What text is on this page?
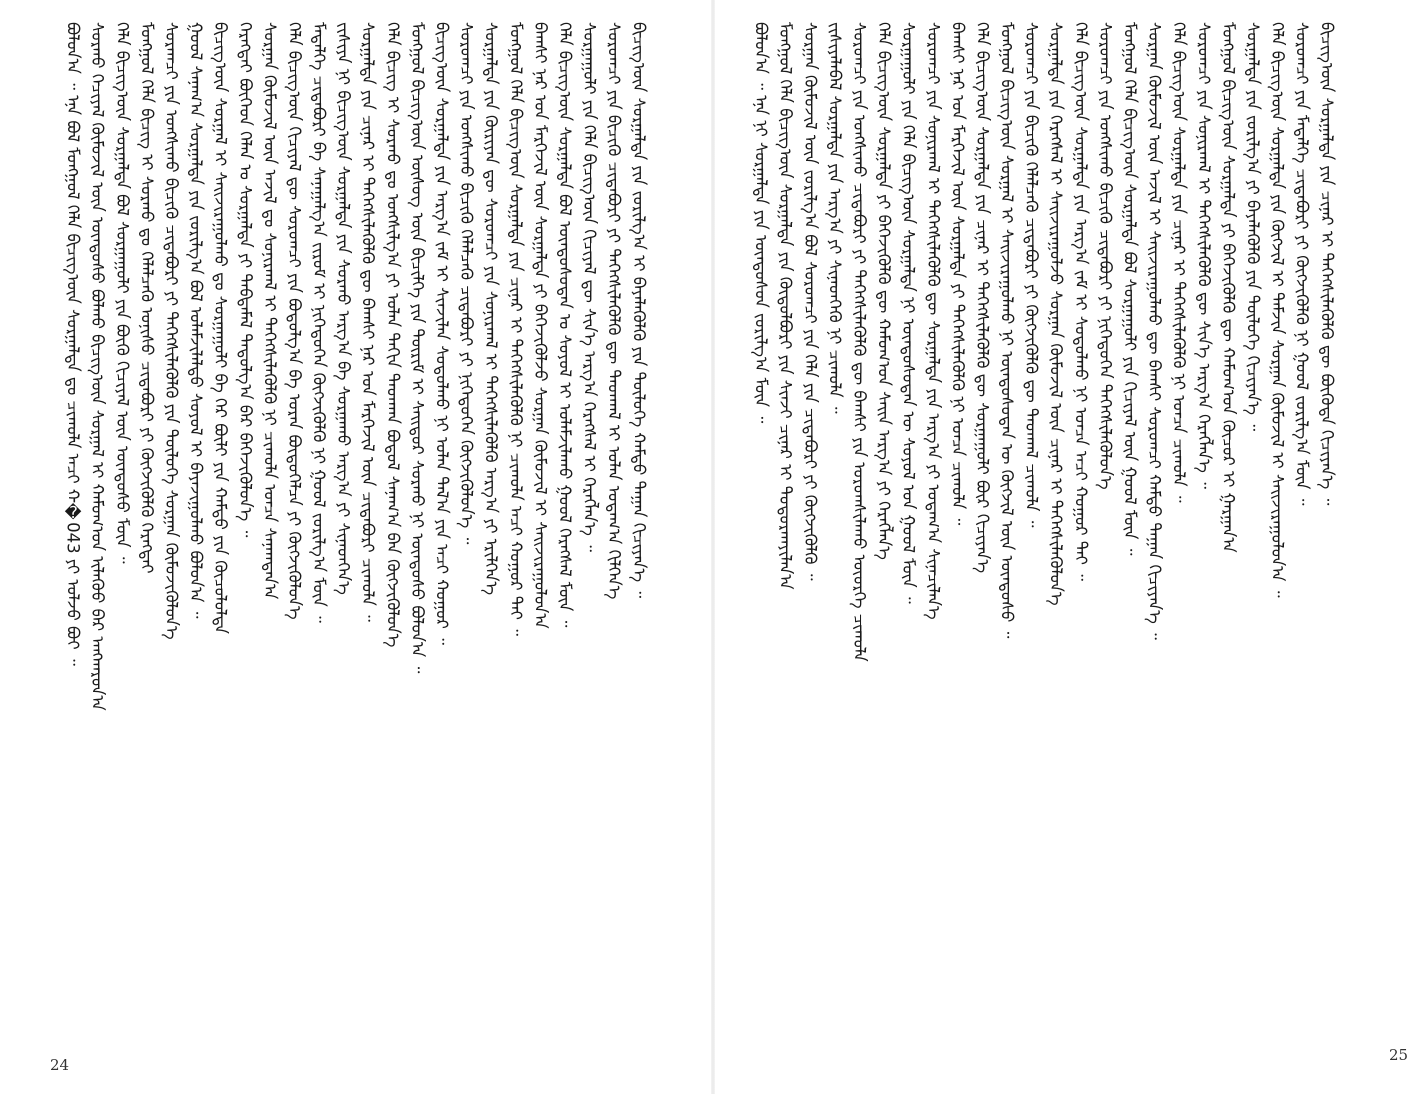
ᠪᠣᠯᠤᠨ᠎ᠠ ᠃ ᠡᠨᠡ ᠪᠣᠯ ᠮᠣᠩᠭᠣᠯ ᠬᠡᠯᠡ ᠪᠢᠴᠢᠭ᠎ᠦᠨ ᠰᠤᠷᠭᠠᠯᠲᠠ ᠳᠤ ᠴᠢᠬᠤᠯᠠ ᠠᠴᠢ ᠬ�043 ᠶᠢ ᠣᠯᠵᠤ ᠪᠤᠢ ᠃ ᠰᠤᠷᠬᠤ ᠬᠡᠴᠢᠶᠡᠯ ᠬᠦᠮᠦᠵᠢᠯ ᠦᠨ ᠦᠨᠳᠦᠰᠦ ᠪᠣᠯᠬᠤ ᠪᠢᠴᠢᠭ᠎ᠦᠨ ᠰᠤᠷᠭᠠᠯ ᠢ ᠬᠠᠮᠤᠭ᠎ᠤᠨ ᠢᠯᠡᠭᠦᠦ ᠪᠠᠷ ᠠᠩᠬᠠᠷᠤᠨ᠎ᠠ ᠬᠡᠯᠡ ᠪᠢᠴᠢᠭ᠎ᠦᠨ ᠰᠤᠷᠭᠠᠯᠲᠠ ᠪᠣᠯ ᠰᠤᠷᠭᠠᠭᠤᠯᠢ ᠶᠢᠨ ᠪᠦᠬᠦ ᠬᠢᠴᠢᠶᠡᠯ ᠦᠨ ᠦᠨᠳᠦᠰᠦ ᠮᠥᠨ ᠃ ᠮᠣᠩᠭᠣᠯ ᠬᠡᠯᠡ ᠪᠢᠴᠢᠭ ᠢ ᠰᠤᠷᠬᠤ ᠳᠤ ᠬᠡᠯᠡᠯᠴᠡᠬᠦ ᠣᠨᠢᠰᠤ ᠴᠢᠳᠠᠪᠤᠷᠢ ᠶᠢ ᠬᠥᠭᠵᠢᠭᠦᠯᠬᠦ ᠬᠡᠷᠡᠭᠲᠡᠢ ᠰᠤᠷᠠᠭᠴᠢ ᠶᠢᠨ ᠤᠩᠰᠢᠬᠤ ᠪᠢᠴᠢᠬᠦ ᠴᠢᠳᠠᠪᠤᠷᠢ ᠶᠢ ᠳᠡᠭᠡᠭᠰᠢᠯᠡᠭᠦᠯᠬᠦ ᠶᠢᠨ ᠲᠥᠯᠥᠭᠡ ᠰᠤᠷᠭᠠᠨ ᠬᠦᠮᠦᠵᠢᠭᠦᠯᠦᠨ᠎ᠡ ᠭᠣᠣᠯ ᠰᠠᠨᠠᠭ᠎ᠠ ᠰᠤᠷᠭᠠᠯᠲᠠ ᠶᠢᠨ ᠵᠣᠷᠢᠯᠭ᠎ᠠ ᠪᠣᠯ ᠤᠯᠠᠮᠵᠢᠯᠠᠯᠲᠤ ᠰᠣᠶᠣᠯ ᠢ ᠪᠠᠶᠠᠵᠢᠭᠤᠯᠬᠤ ᠪᠣᠯᠤᠨ᠎ᠠ ᠃ ᠪᠢᠴᠢᠭ᠎ᠦᠨ ᠰᠤᠷᠭᠠᠯ ᠢ ᠰᠠᠢᠵᠢᠷᠠᠭᠤᠯᠬᠤ ᠳᠤ ᠰᠤᠷᠭᠠᠭᠤᠯᠢ ᠪᠠ ᠭᠡᠷ ᠪᠦᠯᠢ ᠶᠢᠨ ᠬᠠᠮᠲᠤ ᠶᠢᠨ ᠬᠦᠴᠦᠯᠦᠯᠲᠡ ᠬᠡᠷᠡᠭᠲᠡᠢ ᠪᠥᠭᠡᠳ ᠬᠡᠯᠡᠨ ᠤ ᠰᠤᠷᠭᠠᠯᠲᠠ ᠶᠢ ᠳᠠᠪᠲᠠᠮᠠᠯ ᠳᠠᠳᠤᠯᠭ᠎ᠠ ᠪᠠᠷ ᠪᠡᠬᠡᠵᠢᠭᠦᠯᠦᠨ᠎ᠡ ᠃ ᠰᠤᠷᠭᠠᠨ ᠬᠦᠮᠦᠵᠢᠯ ᠦᠨ ᠠᠵᠢᠯ ᠳᠤ ᠰᠣᠨᠢᠷᠬᠠᠯ ᠢ ᠳᠡᠭᠡᠭᠰᠢᠯᠡᠭᠦᠯᠬᠦ ᠨᠢ ᠴᠢᠬᠤᠯᠠ ᠣᠨᠴᠠ ᠰᠠᠨᠠᠭᠳᠠᠨ᠎ᠠ ᠬᠡᠯᠡ ᠪᠢᠴᠢᠭ᠎ᠦᠨ ᠬᠢᠴᠢᠶᠡᠯ ᠳᠦ ᠰᠤᠷᠤᠭᠴᠢ ᠶᠢᠨ ᠪᠣᠳᠤᠯᠭ᠎ᠠ ᠪᠠ ᠤᠷᠠᠨ ᠪᠦᠲᠦᠭᠡᠯᠴᠡ ᠶᠢ ᠬᠥᠭᠵᠢᠭᠦᠯᠦᠨ᠎ᠡ ᠮᠡᠳᠡᠯᠭᠡ ᠴᠢᠳᠠᠪᠤᠷᠢ ᠪᠠ ᠰᠠᠨᠠᠭᠠᠯᠭ᠎ᠠ ᠵᠢᠷᠤᠮ ᠢ ᠨᠢᠭᠡᠳᠦᠭᠡᠨ ᠬᠥᠭᠵᠢᠭᠦᠯᠬᠦ ᠨᠢ ᠭᠣᠣᠯ ᠵᠣᠷᠢᠯᠭ᠎ᠠ ᠮᠥᠨ ᠃ ᠵᠢᠱᠢᠶᠡ ᠨᠢ ᠪᠢᠴᠢᠭ᠎ᠦᠨ ᠰᠤᠷᠭᠠᠯᠲᠠ ᠶᠢᠨ ᠰᠤᠷᠬᠤ ᠠᠷᠭ᠎ᠠ ᠪᠠ ᠰᠤᠷᠭᠠᠬᠤ ᠠᠷᠭ᠎ᠠ ᠶᠢ ᠰᠢᠨᠡᠳᠬᠡᠨ᠎ᠡ ᠰᠤᠷᠭᠠᠯᠲᠠ ᠶᠢᠨ ᠴᠢᠨᠠᠷ ᠢ ᠳᠡᠭᠡᠭᠰᠢᠯᠡᠭᠦᠯᠬᠦ ᠳᠦ ᠪᠠᠭᠰᠢ ᠨᠠᠷ ᠤᠨ ᠮᠡᠷᠭᠡᠵᠢᠯ ᠦᠨ ᠴᠢᠳᠠᠪᠤᠷᠢ ᠴᠢᠬᠤᠯᠠ ᠃ ᠬᠡᠯᠡ ᠪᠢᠴᠢᠭ ᠢ ᠰᠤᠷᠬᠤ ᠳᠤ ᠤᠩᠰᠢᠯᠭ᠎ᠠ ᠶᠢ ᠣᠯᠠᠨ ᠳᠠᠬᠢᠨ ᠳᠠᠳᠬᠠᠨ ᠪᠣᠳᠤᠯ ᠰᠠᠨᠠᠭ᠎ᠠ ᠪᠠᠨ ᠬᠥᠭᠵᠢᠭᠦᠯᠦᠨ᠎ᠡ ᠮᠣᠩᠭᠣᠯ ᠪᠢᠴᠢᠭ᠎ᠦᠨ ᠦᠰᠦᠭ ᠦᠨ ᠪᠢᠴᠢᠯᠭᠡ ᠶᠢᠨ ᠳᠦᠷᠢᠮ ᠢ ᠰᠠᠢᠳᠤᠷ ᠰᠤᠷᠬᠤ ᠨᠢ ᠦᠨᠳᠦᠰᠦ ᠪᠣᠯᠤᠨ᠎ᠠ ᠃ ᠪᠢᠴᠢᠭ᠎ᠦᠨ ᠰᠤᠷᠭᠠᠯᠲᠠ ᠶᠢᠨ ᠠᠷᠭ᠎ᠠ ᠵᠠᠮ ᠢ ᠰᠢᠨᠵᠢᠯᠡᠨ ᠰᠤᠳᠤᠯᠬᠤ ᠨᠢ ᠣᠯᠠᠨ ᠲᠠᠯ᠎ᠠ ᠶᠢᠨ ᠠᠴᠢ ᠬᠤᠭᠤᠷ ᠃ ᠰᠤᠷᠤᠭᠴᠢ ᠶᠢᠨ ᠤᠩᠰᠢᠬᠤ ᠪᠢᠴᠢᠬᠦ ᠬᠡᠯᠡᠯᠴᠡᠬᠦ ᠴᠢᠳᠠᠪᠤᠷᠢ ᠶᠢ ᠨᠢᠭᠡᠳᠦᠭᠡᠨ ᠬᠥᠭᠵᠢᠭᠦᠯᠦᠨ᠎ᠡ ᠃ ᠰᠤᠷᠭᠠᠯᠲᠠ ᠶᠢᠨ ᠬᠦᠷᠢᠶᠡᠨ ᠳᠦ ᠰᠤᠷᠤᠭᠴᠢ ᠶᠢᠨ ᠰᠣᠨᠢᠷᠬᠠᠯ ᠢ ᠳᠡᠭᠡᠭᠰᠢᠯᠡᠭᠦᠯᠬᠦ ᠠᠷᠭ᠎ᠠ ᠶᠢ ᠡᠷᠢᠯᠬᠡᠨ᠎ᠡ ᠮᠣᠩᠭᠣᠯ ᠬᠡᠯᠡ ᠪᠢᠴᠢᠭ᠎ᠦᠨ ᠰᠤᠷᠭᠠᠯᠲᠠ ᠶᠢᠨ ᠴᠢᠨᠠᠷ ᠢ ᠳᠡᠭᠡᠭᠰᠢᠯᠡᠭᠦᠯᠬᠦ ᠨᠢ ᠴᠢᠬᠤᠯᠠ ᠠᠴᠢ ᠬᠤᠭᠤᠷ ᠲᠠᠢ ᠃ ᠪᠠᠭᠰᠢ ᠨᠠᠷ ᠤᠨ ᠮᠡᠷᠭᠡᠵᠢᠯ ᠦᠨ ᠰᠤᠷᠭᠠᠯᠲᠠ ᠶᠢ ᠪᠡᠬᠡᠵᠢᠭᠦᠯᠵᠦ ᠰᠤᠷᠭᠠᠨ ᠬᠦᠮᠦᠵᠢᠯ ᠢ ᠰᠠᠢᠵᠢᠷᠠᠭᠤᠯᠤᠨ᠎ᠠ ᠬᠡᠯᠡ ᠪᠢᠴᠢᠭ᠎ᠦᠨ ᠰᠤᠷᠭᠠᠯᠲᠠ ᠪᠣᠯ ᠦᠨᠳᠦᠰᠦᠲᠡᠨ ᠤ ᠰᠣᠶᠣᠯ ᠢ ᠤᠯᠠᠮᠵᠢᠯᠠᠬᠤ ᠭᠣᠣᠯ ᠬᠡᠷᠡᠭᠰᠡᠯ ᠮᠥᠨ ᠃ ᠰᠤᠷᠭᠠᠭᠤᠯᠢ ᠶᠢᠨ ᠬᠡᠯᠡ ᠪᠢᠴᠢᠭ᠎ᠦᠨ ᠬᠢᠴᠢᠶᠡᠯ ᠳᠦ ᠰᠢᠨ᠎ᠡ ᠠᠷᠭ᠎ᠠ ᠬᠡᠷᠡᠭᠰᠡᠯ ᠢ ᠬᠡᠷᠡᠭᠯᠡᠨ᠎ᠡ ᠃ ᠰᠤᠷᠤᠭᠴᠢ ᠶᠢᠨ ᠪᠢᠴᠢᠬᠦ ᠴᠢᠳᠠᠪᠤᠷᠢ ᠶᠢ ᠳᠡᠭᠡᠭᠰᠢᠯᠡᠭᠦᠯᠬᠦ ᠳᠦ ᠳᠠᠳᠬᠠᠯ ᠢ ᠣᠯᠠᠨ ᠤᠳᠠᠭ᠎ᠠ ᠬᠢᠯᠭᠡᠨ᠎ᠡ ᠪᠢᠴᠢᠭ᠎ᠦᠨ ᠰᠤᠷᠭᠠᠯᠲᠠ ᠶᠢᠨ ᠵᠣᠷᠢᠯᠭ᠎ᠠ ᠢ ᠪᠡᠶᠡᠯᠡᠭᠦᠯᠬᠦ ᠶᠢᠨ ᠲᠥᠯᠥᠭᠡ ᠬᠠᠮᠲᠤ ᠳᠠᠭᠠᠨ ᠬᠢᠴᠢᠶᠡᠨ᠎ᠡ ᠃
24
ᠪᠣᠯᠤᠨ᠎ᠠ ᠃ ᠡᠨᠡ ᠨᠢ ᠰᠤᠷᠭᠠᠯᠲᠠ ᠶᠢᠨ ᠦᠨᠳᠦᠰᠦᠨ ᠵᠣᠷᠢᠯᠭ᠎ᠠ ᠮᠥᠨ ᠃ ᠮᠣᠩᠭᠣᠯ ᠬᠡᠯᠡ ᠪᠢᠴᠢᠭ᠎ᠦᠨ ᠰᠤᠷᠭᠠᠯᠲᠠ ᠶᠢᠨ ᠬᠥᠲᠥᠯᠪᠦᠷᠢ ᠶᠢᠨ ᠰᠢᠨᠵᠢ ᠴᠢᠨᠠᠷ ᠢ ᠲᠣᠳᠤᠷᠬᠠᠶᠢᠯᠠᠨ᠎ᠠ ᠰᠤᠷᠭᠠᠨ ᠬᠦᠮᠦᠵᠢᠯ ᠦᠨ ᠵᠣᠷᠢᠯᠭ᠎ᠠ ᠪᠣᠯ ᠰᠤᠷᠤᠭᠴᠢ ᠶᠢᠨ ᠬᠡᠯᠡ ᠶᠢᠨ ᠴᠢᠳᠠᠪᠤᠷᠢ ᠶᠢ ᠬᠥᠭᠵᠢᠭᠦᠯᠬᠦ ᠃ ᠵᠢᠱᠢᠶᠡᠯᠡᠪᠡᠯ ᠰᠤᠷᠭᠠᠯᠲᠠ ᠶᠢᠨ ᠠᠷᠭ᠎ᠠ ᠶᠢ ᠰᠢᠨᠡᠳᠬᠡᠬᠦ ᠨᠢ ᠴᠢᠬᠤᠯᠠ ᠃ ᠰᠤᠷᠤᠭᠴᠢ ᠶᠢᠨ ᠤᠩᠰᠢᠬᠤ ᠴᠢᠳᠠᠪᠤᠷᠢ ᠶᠢ ᠳᠡᠭᠡᠭᠰᠢᠯᠡᠭᠦᠯᠬᠦ ᠳᠦ ᠪᠠᠭᠰᠢ ᠶᠢᠨ ᠤᠷᠤᠭᠰᠢᠯᠠᠬᠤ ᠦᠦᠷᠭᠡ ᠴᠢᠬᠤᠯᠠ ᠬᠡᠯᠡ ᠪᠢᠴᠢᠭ᠎ᠦᠨ ᠰᠤᠷᠭᠠᠯᠲᠠ ᠶᠢ ᠪᠡᠬᠡᠵᠢᠭᠦᠯᠬᠦ ᠳᠦ ᠬᠠᠮᠤᠭ᠎ᠤᠨ ᠰᠠᠢᠨ ᠠᠷᠭ᠎ᠠ ᠶᠢ ᠬᠡᠷᠡᠭᠯᠡᠨ᠎ᠡ ᠰᠤᠷᠭᠠᠭᠤᠯᠢ ᠶᠢᠨ ᠬᠡᠯᠡ ᠪᠢᠴᠢᠭ᠎ᠦᠨ ᠰᠤᠷᠭᠠᠯᠲᠠ ᠨᠢ ᠦᠨᠳᠦᠰᠦᠲᠡᠨ ᠦ ᠰᠣᠶᠣᠯ ᠤᠨ ᠭᠣᠣᠯ ᠮᠥᠨ ᠃ ᠰᠤᠷᠤᠭᠴᠢ ᠶᠢᠨ ᠰᠣᠨᠢᠷᠬᠠᠯ ᠢ ᠳᠡᠭᠡᠭᠰᠢᠯᠡᠭᠦᠯᠬᠦ ᠳᠦ ᠰᠤᠷᠭᠠᠯᠲᠠ ᠶᠢᠨ ᠠᠷᠭ᠎ᠠ ᠶᠢ ᠤᠳᠠᠭ᠎ᠠ ᠰᠢᠨᠡᠴᠢᠯᠡᠨ᠎ᠡ ᠪᠠᠭᠰᠢ ᠨᠠᠷ ᠤᠨ ᠮᠡᠷᠭᠡᠵᠢᠯ ᠦᠨ ᠰᠤᠷᠭᠠᠯᠲᠠ ᠶᠢ ᠳᠡᠭᠡᠭᠰᠢᠯᠡᠭᠦᠯᠬᠦ ᠨᠢ ᠣᠨᠴᠠ ᠴᠢᠬᠤᠯᠠ ᠃ ᠬᠡᠯᠡ ᠪᠢᠴᠢᠭ᠎ᠦᠨ ᠰᠤᠷᠭᠠᠯᠲᠠ ᠶᠢᠨ ᠴᠢᠨᠠᠷ ᠢ ᠳᠡᠭᠡᠭᠰᠢᠯᠡᠭᠦᠯᠬᠦ ᠳᠦ ᠰᠤᠷᠭᠠᠭᠤᠯᠢ ᠪᠦᠷ ᠬᠢᠴᠢᠶᠡᠨ᠎ᠡ ᠮᠣᠩᠭᠣᠯ ᠪᠢᠴᠢᠭ᠎ᠦᠨ ᠰᠤᠷᠭᠠᠯ ᠢ ᠰᠠᠢᠵᠢᠷᠠᠭᠤᠯᠬᠤ ᠨᠢ ᠦᠨᠳᠦᠰᠦᠲᠡᠨ ᠦ ᠬᠥᠭᠵᠢᠯ ᠦᠨ ᠦᠨᠳᠦᠰᠦ ᠃ ᠰᠤᠷᠤᠭᠴᠢ ᠶᠢᠨ ᠪᠢᠴᠢᠬᠦ ᠬᠡᠯᠡᠯᠴᠡᠬᠦ ᠴᠢᠳᠠᠪᠤᠷᠢ ᠶᠢ ᠬᠥᠭᠵᠢᠭᠦᠯᠬᠦ ᠳᠦ ᠳᠠᠳᠬᠠᠯ ᠴᠢᠬᠤᠯᠠ ᠃ ᠰᠤᠷᠭᠠᠯᠲᠠ ᠶᠢᠨ ᠬᠡᠷᠡᠭᠰᠡᠯ ᠢ ᠰᠠᠢᠵᠢᠷᠠᠭᠤᠯᠵᠤ ᠰᠤᠷᠭᠠᠨ ᠬᠦᠮᠦᠵᠢᠯ ᠦᠨ ᠴᠢᠨᠠᠷ ᠢ ᠳᠡᠭᠡᠭᠰᠢᠯᠡᠭᠦᠯᠦᠨ᠎ᠡ ᠬᠡᠯᠡ ᠪᠢᠴᠢᠭ᠎ᠦᠨ ᠰᠤᠷᠭᠠᠯᠲᠠ ᠶᠢᠨ ᠠᠷᠭ᠎ᠠ ᠵᠠᠮ ᠢ ᠰᠤᠳᠤᠯᠬᠤ ᠨᠢ ᠣᠨᠴᠠ ᠠᠴᠢ ᠬᠤᠭᠤᠷ ᠲᠠᠢ ᠃ ᠰᠤᠷᠤᠭᠴᠢ ᠶᠢᠨ ᠤᠩᠰᠢᠬᠤ ᠪᠢᠴᠢᠬᠦ ᠴᠢᠳᠠᠪᠤᠷᠢ ᠶᠢ ᠨᠢᠭᠡᠳᠦᠭᠡᠨ ᠳᠡᠭᠡᠭᠰᠢᠯᠡᠭᠦᠯᠦᠨ᠎ᠡ ᠮᠣᠩᠭᠣᠯ ᠬᠡᠯᠡ ᠪᠢᠴᠢᠭ᠎ᠦᠨ ᠰᠤᠷᠭᠠᠯᠲᠠ ᠪᠣᠯ ᠰᠤᠷᠭᠠᠭᠤᠯᠢ ᠶᠢᠨ ᠬᠢᠴᠢᠶᠡᠯ ᠦᠨ ᠭᠣᠣᠯ ᠮᠥᠨ ᠃ ᠰᠤᠷᠭᠠᠨ ᠬᠦᠮᠦᠵᠢᠯ ᠦᠨ ᠠᠵᠢᠯ ᠢ ᠰᠠᠢᠵᠢᠷᠠᠭᠤᠯᠬᠤ ᠳᠦ ᠪᠠᠭᠰᠢ ᠰᠤᠷᠤᠭᠴᠢ ᠬᠠᠮᠲᠤ ᠳᠠᠭᠠᠨ ᠬᠢᠴᠢᠶᠡᠨ᠎ᠡ ᠃ ᠬᠡᠯᠡ ᠪᠢᠴᠢᠭ᠎ᠦᠨ ᠰᠤᠷᠭᠠᠯᠲᠠ ᠶᠢᠨ ᠴᠢᠨᠠᠷ ᠢ ᠳᠡᠭᠡᠭᠰᠢᠯᠡᠭᠦᠯᠬᠦ ᠨᠢ ᠣᠨᠴᠠ ᠴᠢᠬᠤᠯᠠ ᠃ ᠰᠤᠷᠤᠭᠴᠢ ᠶᠢᠨ ᠰᠣᠨᠢᠷᠬᠠᠯ ᠢ ᠳᠡᠭᠡᠭᠰᠢᠯᠡᠭᠦᠯᠬᠦ ᠳᠦ ᠰᠢᠨ᠎ᠡ ᠠᠷᠭ᠎ᠠ ᠬᠡᠷᠡᠭᠯᠡᠨ᠎ᠡ ᠃ ᠮᠣᠩᠭᠣᠯ ᠪᠢᠴᠢᠭ᠎ᠦᠨ ᠰᠤᠷᠭᠠᠯᠲᠠ ᠶᠢ ᠪᠡᠬᠡᠵᠢᠭᠦᠯᠬᠦ ᠳᠦ ᠬᠠᠮᠤᠭ᠎ᠤᠨ ᠬᠦᠴᠦᠷ ᠢ ᠭᠠᠷᠭᠠᠨ᠎ᠠ ᠰᠤᠷᠭᠠᠯᠲᠠ ᠶᠢᠨ ᠵᠣᠷᠢᠯᠭ᠎ᠠ ᠶᠢ ᠪᠡᠶᠡᠯᠡᠭᠦᠯᠬᠦ ᠶᠢᠨ ᠲᠥᠯᠥᠭᠡ ᠬᠢᠴᠢᠶᠡᠨ᠎ᠡ ᠃ ᠬᠡᠯᠡ ᠪᠢᠴᠢᠭ᠎ᠦᠨ ᠰᠤᠷᠭᠠᠯᠲᠠ ᠶᠢᠨ ᠬᠥᠭᠵᠢᠯ ᠢ ᠳᠡᠮᠵᠢᠨ ᠰᠤᠷᠭᠠᠨ ᠬᠦᠮᠦᠵᠢᠯ ᠢ ᠰᠠᠢᠵᠢᠷᠠᠭᠤᠯᠤᠨ᠎ᠠ ᠃ ᠰᠤᠷᠤᠭᠴᠢ ᠶᠢᠨ ᠮᠡᠳᠡᠯᠭᠡ ᠴᠢᠳᠠᠪᠤᠷᠢ ᠶᠢ ᠬᠥᠭᠵᠢᠭᠦᠯᠬᠦ ᠨᠢ ᠭᠣᠣᠯ ᠵᠣᠷᠢᠯᠭ᠎ᠠ ᠮᠥᠨ ᠃ ᠪᠢᠴᠢᠭ᠎ᠦᠨ ᠰᠤᠷᠭᠠᠯᠲᠠ ᠶᠢᠨ ᠴᠢᠨᠠᠷ ᠢ ᠳᠡᠭᠡᠭᠰᠢᠯᠡᠭᠦᠯᠬᠦ ᠳᠦ ᠪᠦᠭᠦᠳᠡ ᠬᠢᠴᠢᠶᠡᠨ᠎ᠡ ᠃
25
